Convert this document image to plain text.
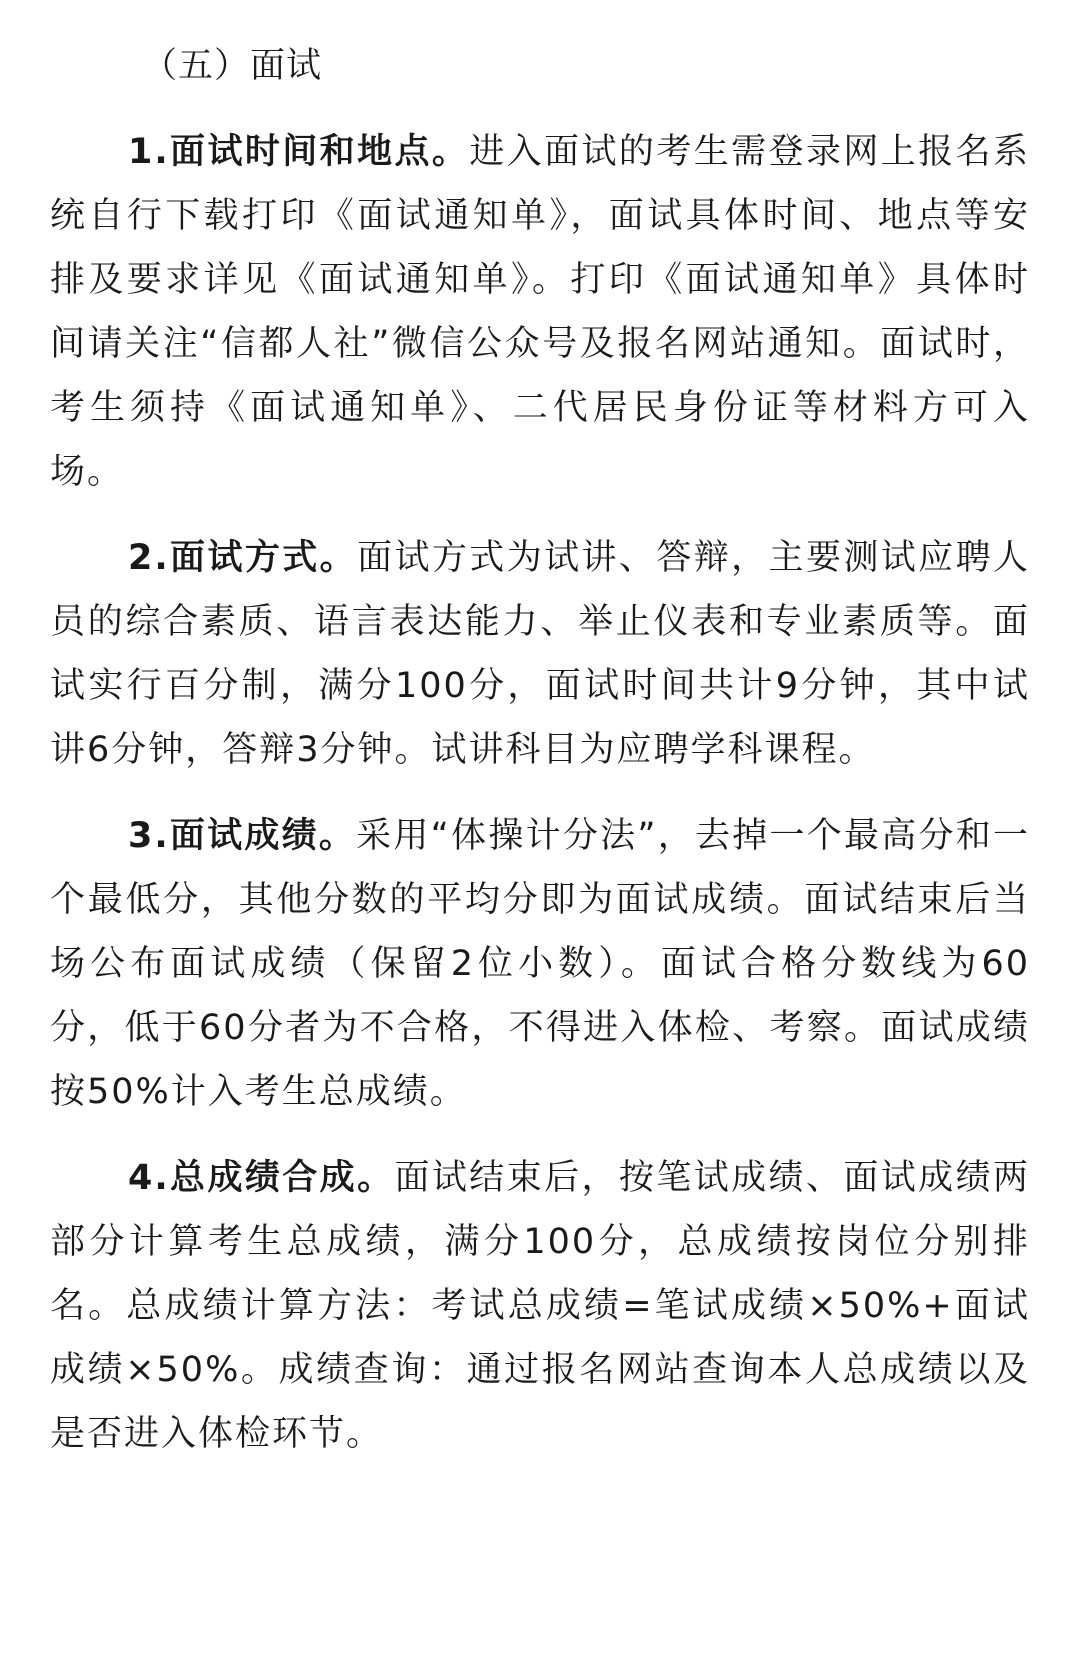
（五）面试

1.面试时间和地点。进入面试的考生需登录网上报名系统自行下载打印《面试通知单》，面试具体时间、地点等安排及要求详见《面试通知单》。打印《面试通知单》具体时间请关注“信都人社”微信公众号及报名网站通知。面试时，考生须持《面试通知单》、二代居民身份证等材料方可入场。

2.面试方式。面试方式为试讲、答辩，主要测试应聘人员的综合素质、语言表达能力、举止仪表和专业素质等。面试实行百分制，满分100分，面试时间共计9分钟，其中试讲6分钟，答辩3分钟。试讲科目为应聘学科课程。

3.面试成绩。采用“体操计分法”，去掉一个最高分和一个最低分，其他分数的平均分即为面试成绩。面试结束后当场公布面试成绩（保留2位小数）。面试合格分数线为60分，低于60分者为不合格，不得进入体检、考察。面试成绩按50%计入考生总成绩。

4.总成绩合成。面试结束后，按笔试成绩、面试成绩两部分计算考生总成绩，满分100分，总成绩按岗位分别排名。总成绩计算方法：考试总成绩=笔试成绩×50%+面试成绩×50%。成绩查询：通过报名网站查询本人总成绩以及是否进入体检环节。
